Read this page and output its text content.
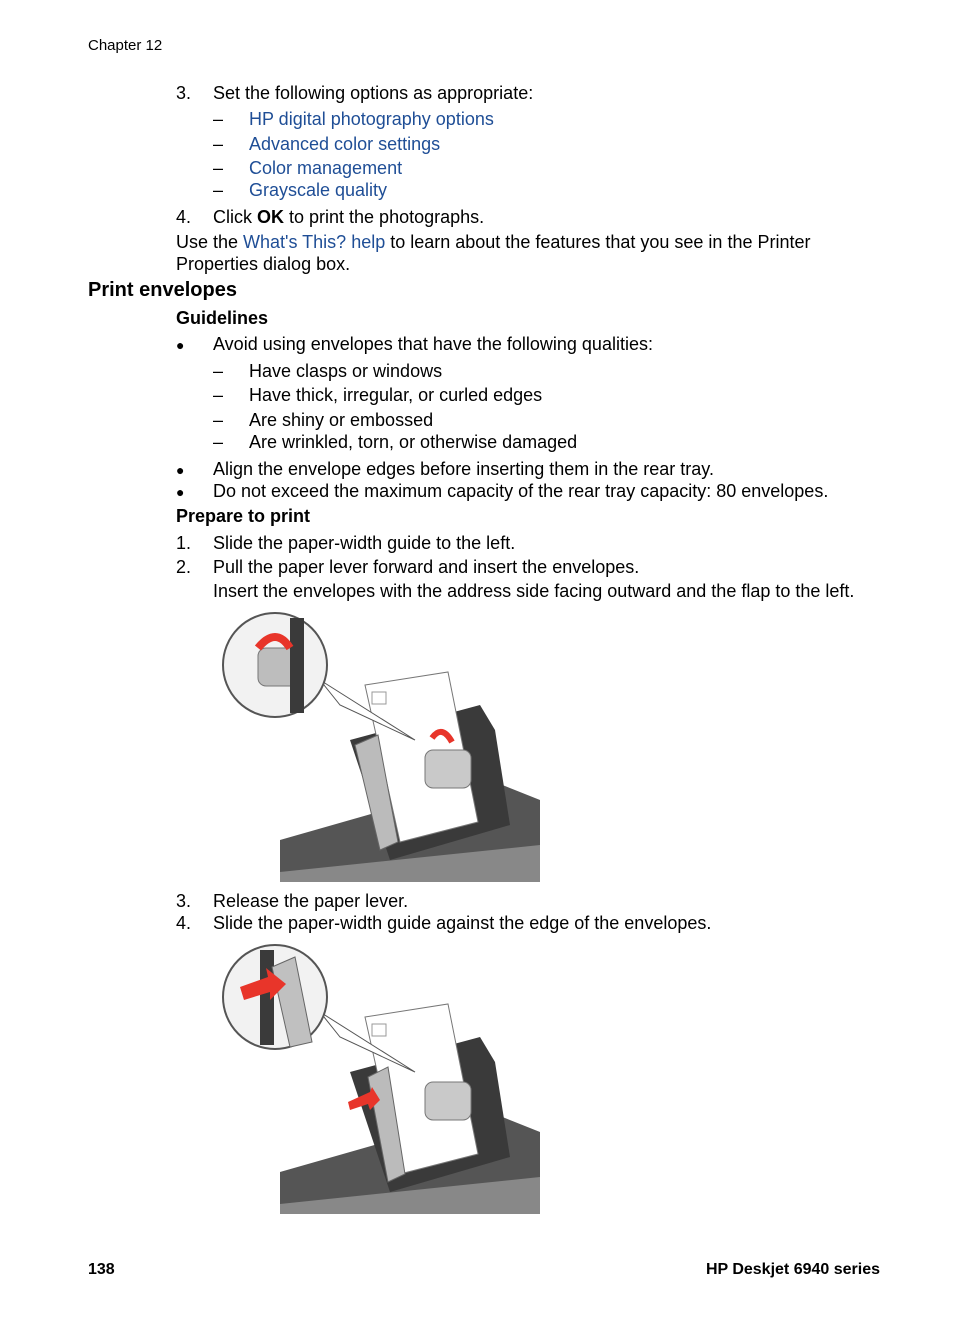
Chapter 12
3. Set the following options as appropriate:
– HP digital photography options
– Advanced color settings
– Color management
– Grayscale quality
4. Click OK to print the photographs.
Use the What's This? help to learn about the features that you see in the Printer
Properties dialog box.
Print envelopes
Guidelines
● Avoid using envelopes that have the following qualities:
– Have clasps or windows
– Have thick, irregular, or curled edges
– Are shiny or embossed
– Are wrinkled, torn, or otherwise damaged
● Align the envelope edges before inserting them in the rear tray.
● Do not exceed the maximum capacity of the rear tray capacity: 80 envelopes.
Prepare to print
1. Slide the paper-width guide to the left.
2. Pull the paper lever forward and insert the envelopes.
Insert the envelopes with the address side facing outward and the flap to the left.
3. Release the paper lever.
4. Slide the paper-width guide against the edge of the envelopes.
138	HP Deskjet 6940 series
